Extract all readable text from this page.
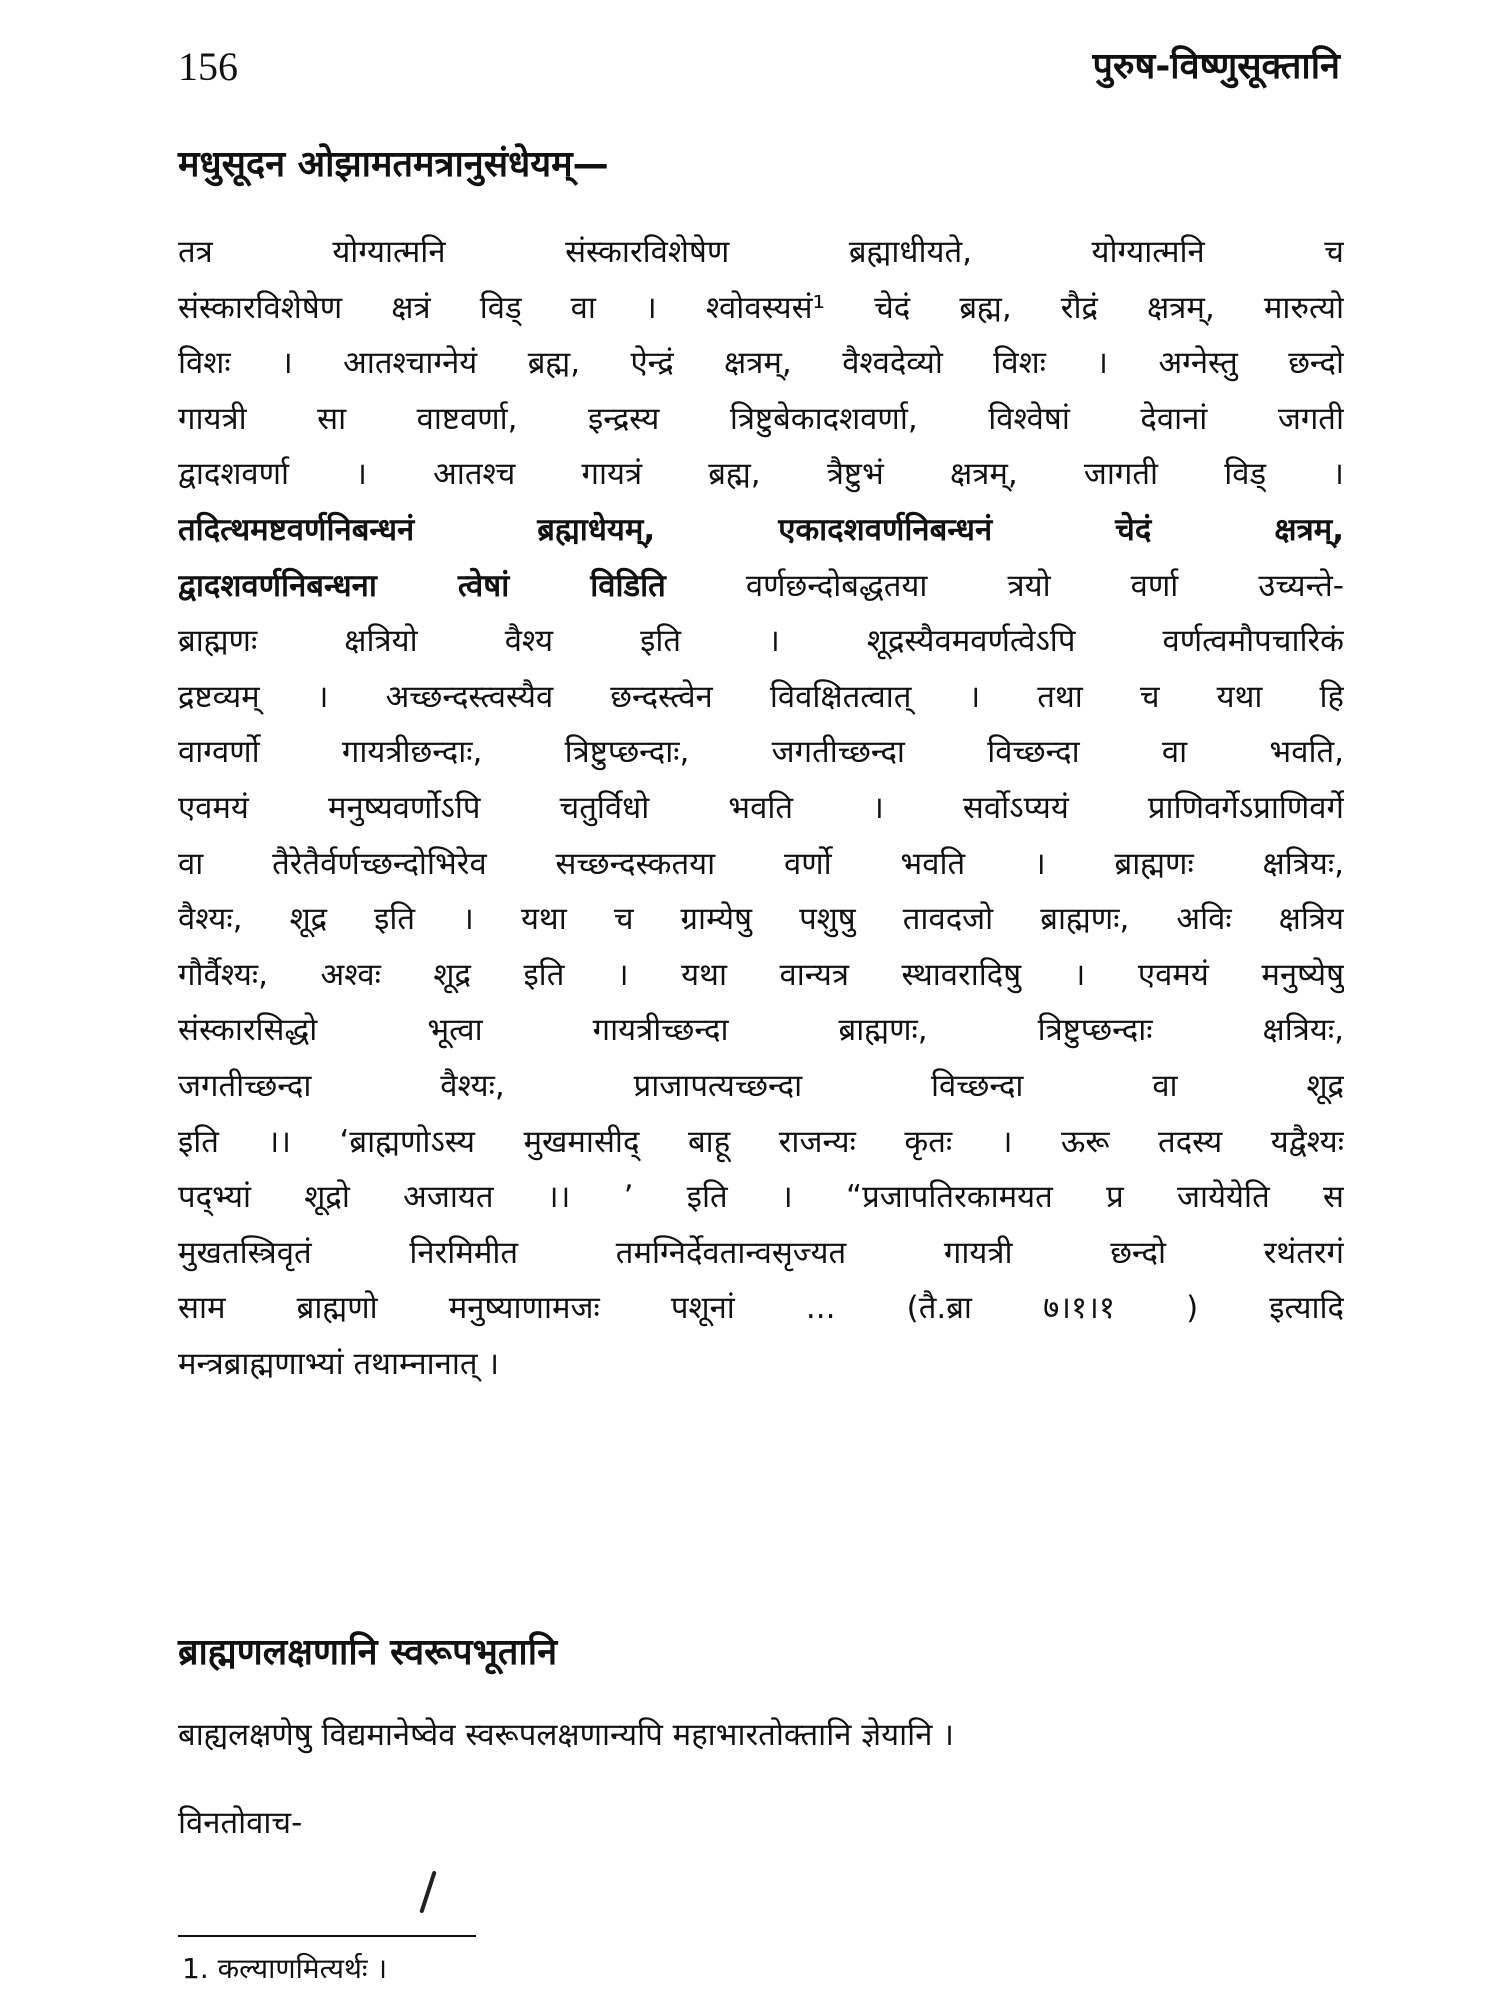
156	पुरुष-विष्णुसूक्तानि
मधुसूदन ओझामतमत्रानुसंधेयम्—
तत्र योग्यात्मनि संस्कारविशेषेण ब्रह्माधीयते, योग्यात्मनि च
संस्कारविशेषेण क्षत्रं विड् वा । श्वोवस्यसं¹ चेदं ब्रह्म, रौद्रं क्षत्रम्, मारुत्यो
विशः । आतश्चाग्नेयं ब्रह्म, ऐन्द्रं क्षत्रम्, वैश्वदेव्यो विशः । अग्नेस्तु छन्दो
गायत्री सा वाष्टवर्णा, इन्द्रस्य त्रिष्टुबेकादशवर्णा, विश्वेषां देवानां जगती
द्वादशवर्णा । आतश्च गायत्रं ब्रह्म, त्रैष्टुभं क्षत्रम्, जागती विड् ।
तदित्थमष्टवर्णनिबन्धनं ब्रह्माधेयम्, एकादशवर्णनिबन्धनं चेदं क्षत्रम्,
द्वादशवर्णनिबन्धना त्वेषां विडिति	वर्णछन्दोबद्धतया त्रयो वर्णा उच्यन्ते-
ब्राह्मणः क्षत्रियो वैश्य इति । शूद्रस्यैवमवर्णत्वेऽपि वर्णत्वमौपचारिकं
द्रष्टव्यम् । अच्छन्दस्त्वस्यैव छन्दस्त्वेन विवक्षितत्वात् । तथा च यथा हि
वाग्वर्णो गायत्रीछन्दाः, त्रिष्टुप्छन्दाः, जगतीच्छन्दा विच्छन्दा वा भवति,
एवमयं मनुष्यवर्णोऽपि चतुर्विधो भवति । सर्वोऽप्ययं प्राणिवर्गेऽप्राणिवर्गे
वा तैरेतैर्वर्णच्छन्दोभिरेव सच्छन्दस्कतया वर्णो भवति । ब्राह्मणः क्षत्रियः,
वैश्यः, शूद्र इति । यथा च ग्राम्येषु पशुषु तावदजो ब्राह्मणः, अविः क्षत्रिय
गौर्वैश्यः, अश्वः शूद्र इति । यथा वान्यत्र स्थावरादिषु । एवमयं मनुष्येषु
संस्कारसिद्धो भूत्वा गायत्रीच्छन्दा ब्राह्मणः, त्रिष्टुप्छन्दाः क्षत्रियः,
जगतीच्छन्दा वैश्यः, प्राजापत्यच्छन्दा विच्छन्दा वा शूद्र
इति ।। ‘ब्राह्मणोऽस्य मुखमासीद् बाहू राजन्यः कृतः । ऊरू तदस्य यद्वैश्यः
पद्भ्यां शूद्रो अजायत ।। ’ इति । “प्रजापतिरकामयत प्र जायेयेति स
मुखतस्त्रिवृतं निरमिमीत तमग्निर्देवतान्वसृज्यत गायत्री छन्दो रथंतरगं
साम ब्राह्मणो मनुष्याणामजः पशूनां ... (तै.ब्रा ७।१।१ ) इत्यादि
मन्त्रब्राह्मणाभ्यां तथाम्नानात् ।
ब्राह्मणलक्षणानि स्वरूपभूतानि
बाह्यलक्षणेषु विद्यमानेष्वेव स्वरूपलक्षणान्यपि महाभारतोक्तानि ज्ञेयानि ।
विनतोवाच-
1. कल्याणमित्यर्थः ।
